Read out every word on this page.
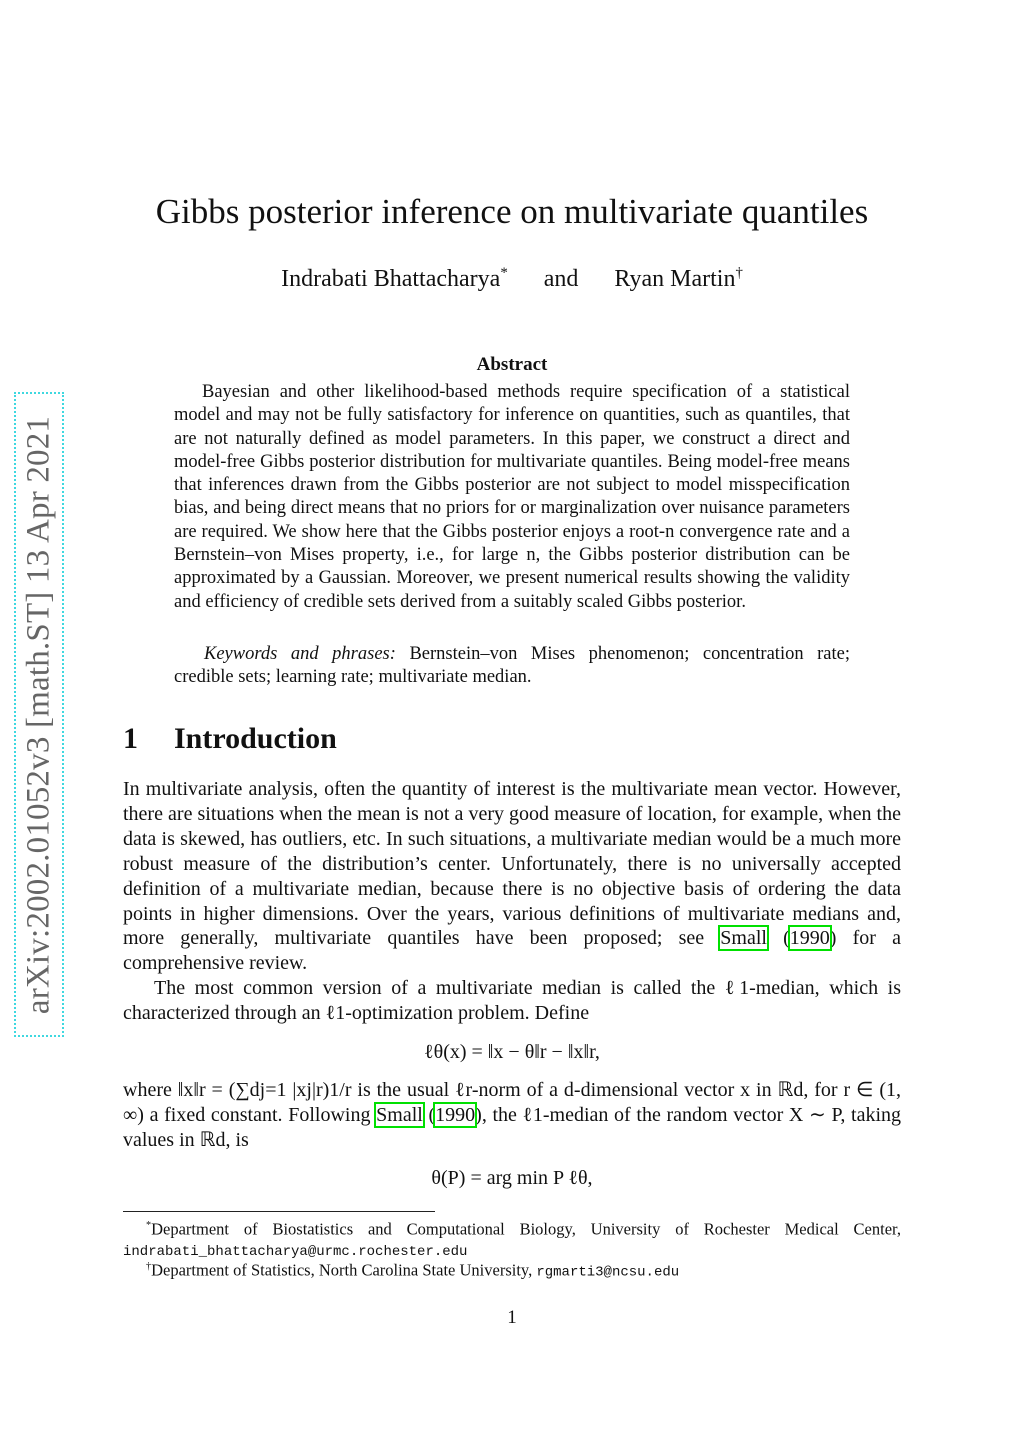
arXiv:2002.01052v3 [math.ST] 13 Apr 2021
Gibbs posterior inference on multivariate quantiles
Indrabati Bhattacharya* and Ryan Martin†
Abstract

Bayesian and other likelihood-based methods require specification of a statistical model and may not be fully satisfactory for inference on quantities, such as quantiles, that are not naturally defined as model parameters. In this paper, we construct a direct and model-free Gibbs posterior distribution for multivariate quantiles. Being model-free means that inferences drawn from the Gibbs posterior are not subject to model misspecification bias, and being direct means that no priors for or marginalization over nuisance parameters are required. We show here that the Gibbs posterior enjoys a root-n convergence rate and a Bernstein–von Mises property, i.e., for large n, the Gibbs posterior distribution can be approximated by a Gaussian. Moreover, we present numerical results showing the validity and efficiency of credible sets derived from a suitably scaled Gibbs posterior.

Keywords and phrases: Bernstein–von Mises phenomenon; concentration rate; credible sets; learning rate; multivariate median.

1 Introduction

In multivariate analysis, often the quantity of interest is the multivariate mean vector. However, there are situations when the mean is not a very good measure of location, for example, when the data is skewed, has outliers, etc. In such situations, a multivariate median would be a much more robust measure of the distribution’s center. Unfortunately, there is no universally accepted definition of a multivariate median, because there is no objective basis of ordering the data points in higher dimensions. Over the years, various definitions of multivariate medians and, more generally, multivariate quantiles have been proposed; see Small (1990) for a comprehensive review.

The most common version of a multivariate median is called the ℓ1-median, which is characterized through an ℓ1-optimization problem. Define

ℓθ(x) = ‖x − θ‖r − ‖x‖r,

where ‖x‖r = (∑dj=1 |xj|r)1/r is the usual ℓr-norm of a d-dimensional vector x in ℝd, for r ∈ (1, ∞) a fixed constant. Following Small (1990), the ℓ1-median of the random vector X ∼ P, taking values in ℝd, is

θ(P) = arg min P ℓθ,

*Department of Biostatistics and Computational Biology, University of Rochester Medical Center, indrabati_bhattacharya@urmc.rochester.edu

†Department of Statistics, North Carolina State University, rgmarti3@ncsu.edu

1
